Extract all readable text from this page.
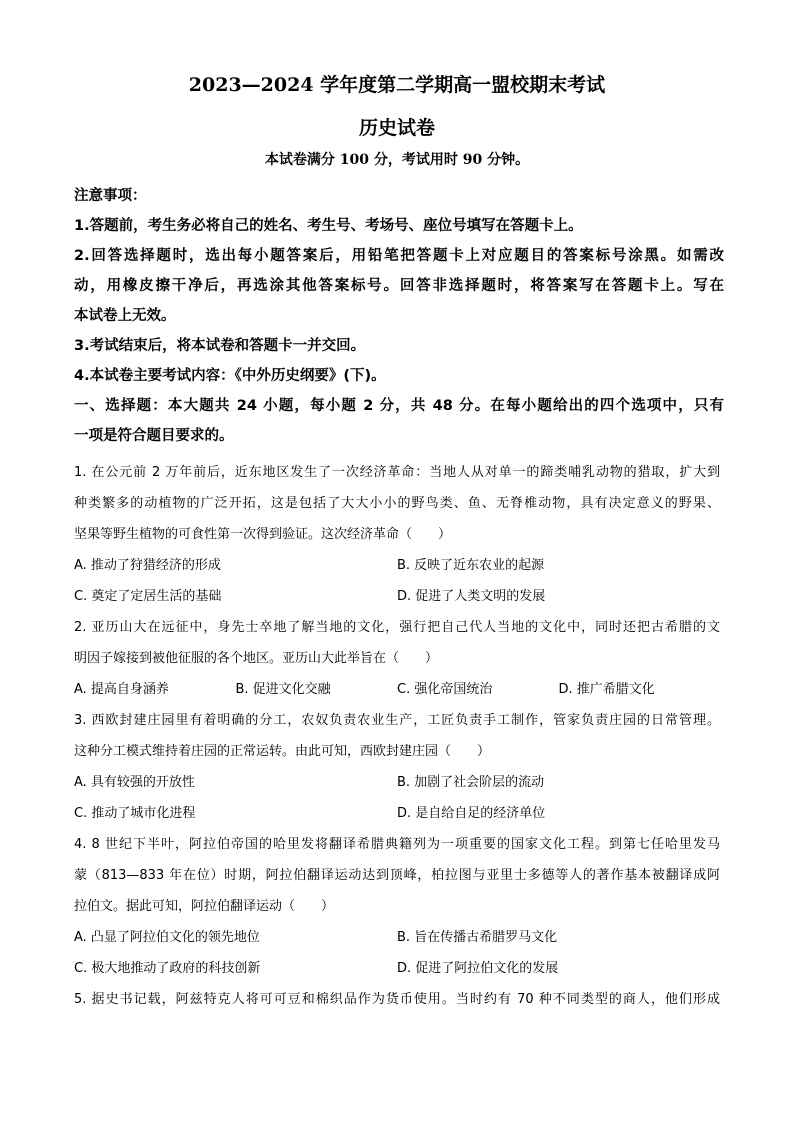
2023—2024 学年度第二学期高一盟校期末考试
历史试卷
本试卷满分 100 分，考试用时 90 分钟。
注意事项：
1.答题前，考生务必将自己的姓名、考生号、考场号、座位号填写在答题卡上。
2.回答选择题时，选出每小题答案后，用铅笔把答题卡上对应题目的答案标号涂黑。如需改
动，用橡皮擦干净后，再选涂其他答案标号。回答非选择题时，将答案写在答题卡上。写在
本试卷上无效。
3.考试结束后，将本试卷和答题卡一并交回。
4.本试卷主要考试内容：《中外历史纲要》(下)。
一、选择题：本大题共 24 小题，每小题 2 分，共 48 分。在每小题给出的四个选项中，只有
一项是符合题目要求的。
1. 在公元前 2 万年前后，近东地区发生了一次经济革命：当地人从对单一的蹄类哺乳动物的猎取，扩大到
种类繁多的动植物的广泛开拓，这是包括了大大小小的野鸟类、鱼、无脊椎动物，具有决定意义的野果、
坚果等野生植物的可食性第一次得到验证。这次经济革命（　　）
A. 推动了狩猎经济的形成	B. 反映了近东农业的起源
C. 奠定了定居生活的基础	D. 促进了人类文明的发展
2. 亚历山大在远征中，身先士卒地了解当地的文化，强行把自己代人当地的文化中，同时还把古希腊的文
明因子嫁接到被他征服的各个地区。亚历山大此举旨在（　　）
A. 提高自身涵养	B. 促进文化交融	C. 强化帝国统治	D. 推广希腊文化
3. 西欧封建庄园里有着明确的分工，农奴负责农业生产，工匠负责手工制作，管家负责庄园的日常管理。
这种分工模式维持着庄园的正常运转。由此可知，西欧封建庄园（　　）
A. 具有较强的开放性	B. 加剧了社会阶层的流动
C. 推动了城市化进程	D. 是自给自足的经济单位
4. 8 世纪下半叶，阿拉伯帝国的哈里发将翻译希腊典籍列为一项重要的国家文化工程。到第七任哈里发马
蒙（813—833 年在位）时期，阿拉伯翻译运动达到顶峰，柏拉图与亚里士多德等人的著作基本被翻译成阿
拉伯文。据此可知，阿拉伯翻译运动（　　）
A. 凸显了阿拉伯文化的领先地位	B. 旨在传播古希腊罗马文化
C. 极大地推动了政府的科技创新	D. 促进了阿拉伯文化的发展
5. 据史书记载，阿兹特克人将可可豆和棉织品作为货币使用。当时约有 70 种不同类型的商人，他们形成
